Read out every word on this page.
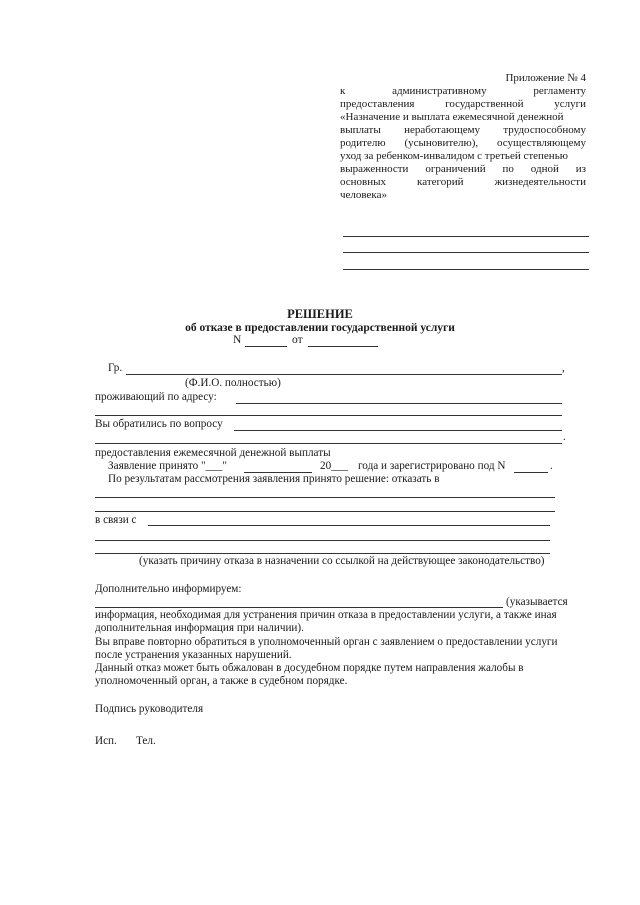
Приложение № 4
к	административному	регламенту
предоставления	государственной	услуги
«Назначение и выплата ежемесячной денежной
выплаты неработающему трудоспособному
родителю (усыновителю), осуществляющему
уход за ребенком-инвалидом с третьей степенью
выраженности ограничений по одной из
основных	категорий	жизнедеятельности
человека»
РЕШЕНИЕ
об отказе в предоставлении государственной услуги
N	от
Гр.	,
(Ф.И.О. полностью)
проживающий по адресу:
Вы обратились по вопросу
.
предоставления ежемесячной денежной выплаты
Заявление принято "___"	20___ года и зарегистрировано под N	.
По результатам рассмотрения заявления принято решение: отказать в
в связи с
(указать причину отказа в назначении со ссылкой на действующее законодательство)
Дополнительно информируем:
(указывается
информация, необходимая для устранения причин отказа в предоставлении услуги, а также иная
дополнительная информация при наличии).
Вы вправе повторно обратиться в уполномоченный орган с заявлением о предоставлении услуги
после устранения указанных нарушений.
Данный отказ может быть обжалован в досудебном порядке путем направления жалобы в
уполномоченный орган, а также в судебном порядке.
Подпись руководителя
Исп. Тел.
